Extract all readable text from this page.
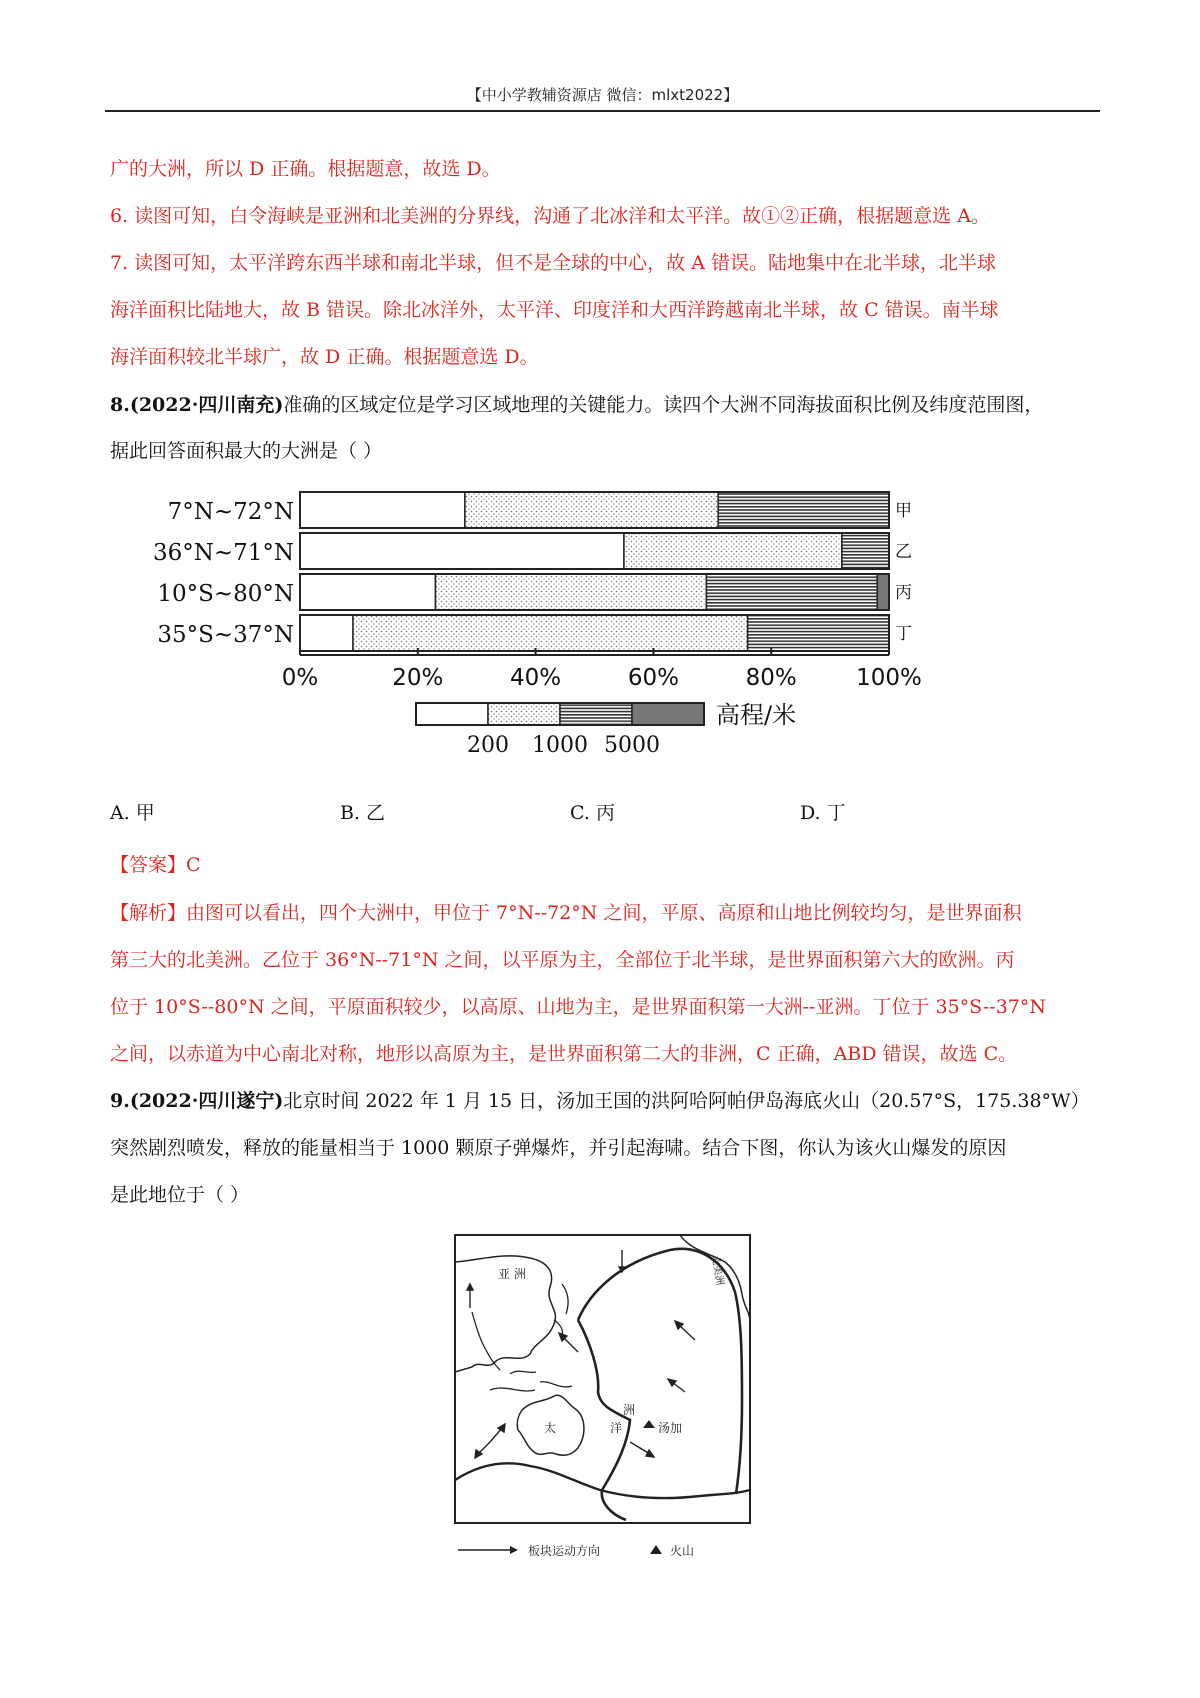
【中小学教辅资源店 微信：mlxt2022】
广的大洲，所以 D 正确。根据题意，故选 D。
6. 读图可知，白令海峡是亚洲和北美洲的分界线，沟通了北冰洋和太平洋。故①②正确，根据题意选 A。
7. 读图可知，太平洋跨东西半球和南北半球，但不是全球的中心，故 A 错误。陆地集中在北半球，北半球
海洋面积比陆地大，故 B 错误。除北冰洋外，太平洋、印度洋和大西洋跨越南北半球，故 C 错误。南半球
海洋面积较北半球广，故 D 正确。根据题意选 D。
8.(2022·四川南充)准确的区域定位是学习区域地理的关键能力。读四个大洲不同海拔面积比例及纬度范围图，
据此回答面积最大的大洲是（ ）
7°N~72°N
36°N~71°N
10°S~80°N
35°S~37°N
甲
乙
丙
丁
0%	20%	40%	60%	80%	100%
200 1000 5000
高程/米
A. 甲	B. 乙	C. 丙	D. 丁
【答案】C
【解析】由图可以看出，四个大洲中，甲位于 7°N--72°N 之间，平原、高原和山地比例较均匀，是世界面积
第三大的北美洲。乙位于 36°N--71°N 之间，以平原为主，全部位于北半球，是世界面积第六大的欧洲。丙
位于 10°S--80°N 之间，平原面积较少，以高原、山地为主，是世界面积第一大洲--亚洲。丁位于 35°S--37°N
之间，以赤道为中心南北对称，地形以高原为主，是世界面积第二大的非洲，C 正确，ABD 错误，故选 C。
9.(2022·四川遂宁)北京时间 2022 年 1 月 15 日，汤加王国的洪阿哈阿帕伊岛海底火山（20.57°S，175.38°W）
突然剧烈喷发，释放的能量相当于 1000 颗原子弹爆炸，并引起海啸。结合下图，你认为该火山爆发的原因
是此地位于（ ）
亚 洲	北美洲
洲
洋	汤加
太
板块运动方向	火山
